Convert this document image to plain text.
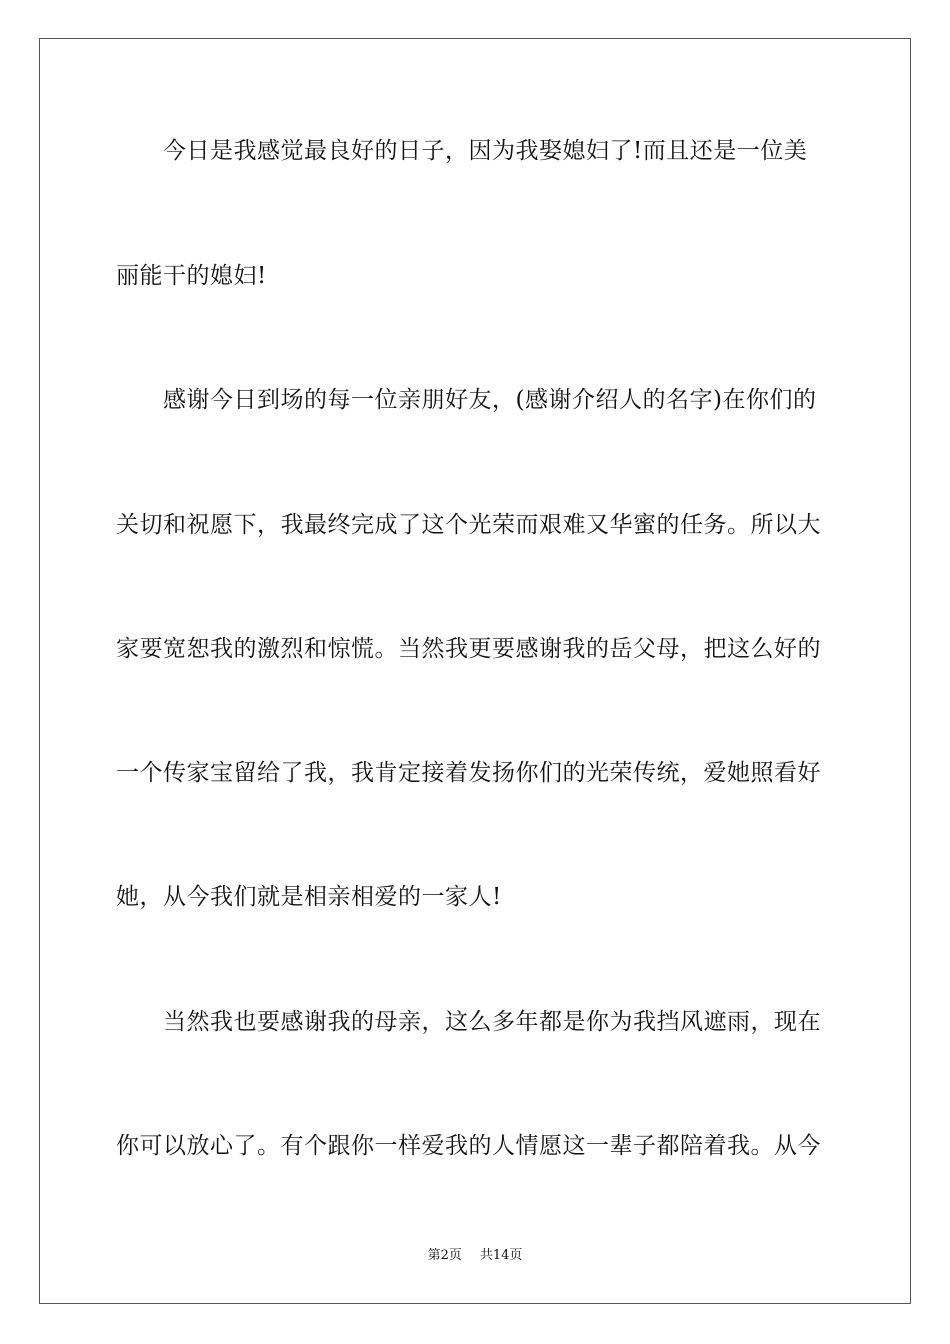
今日是我感觉最良好的日子，因为我娶媳妇了!而且还是一位美

丽能干的媳妇!

感谢今日到场的每一位亲朋好友，(感谢介绍人的名字)在你们的

关切和祝愿下，我最终完成了这个光荣而艰难又华蜜的任务。所以大

家要宽恕我的激烈和惊慌。当然我更要感谢我的岳父母，把这么好的

一个传家宝留给了我，我肯定接着发扬你们的光荣传统，爱她照看好

她，从今我们就是相亲相爱的一家人!

当然我也要感谢我的母亲，这么多年都是你为我挡风遮雨，现在

你可以放心了。有个跟你一样爱我的人情愿这一辈子都陪着我。从今

第2页 共14页
